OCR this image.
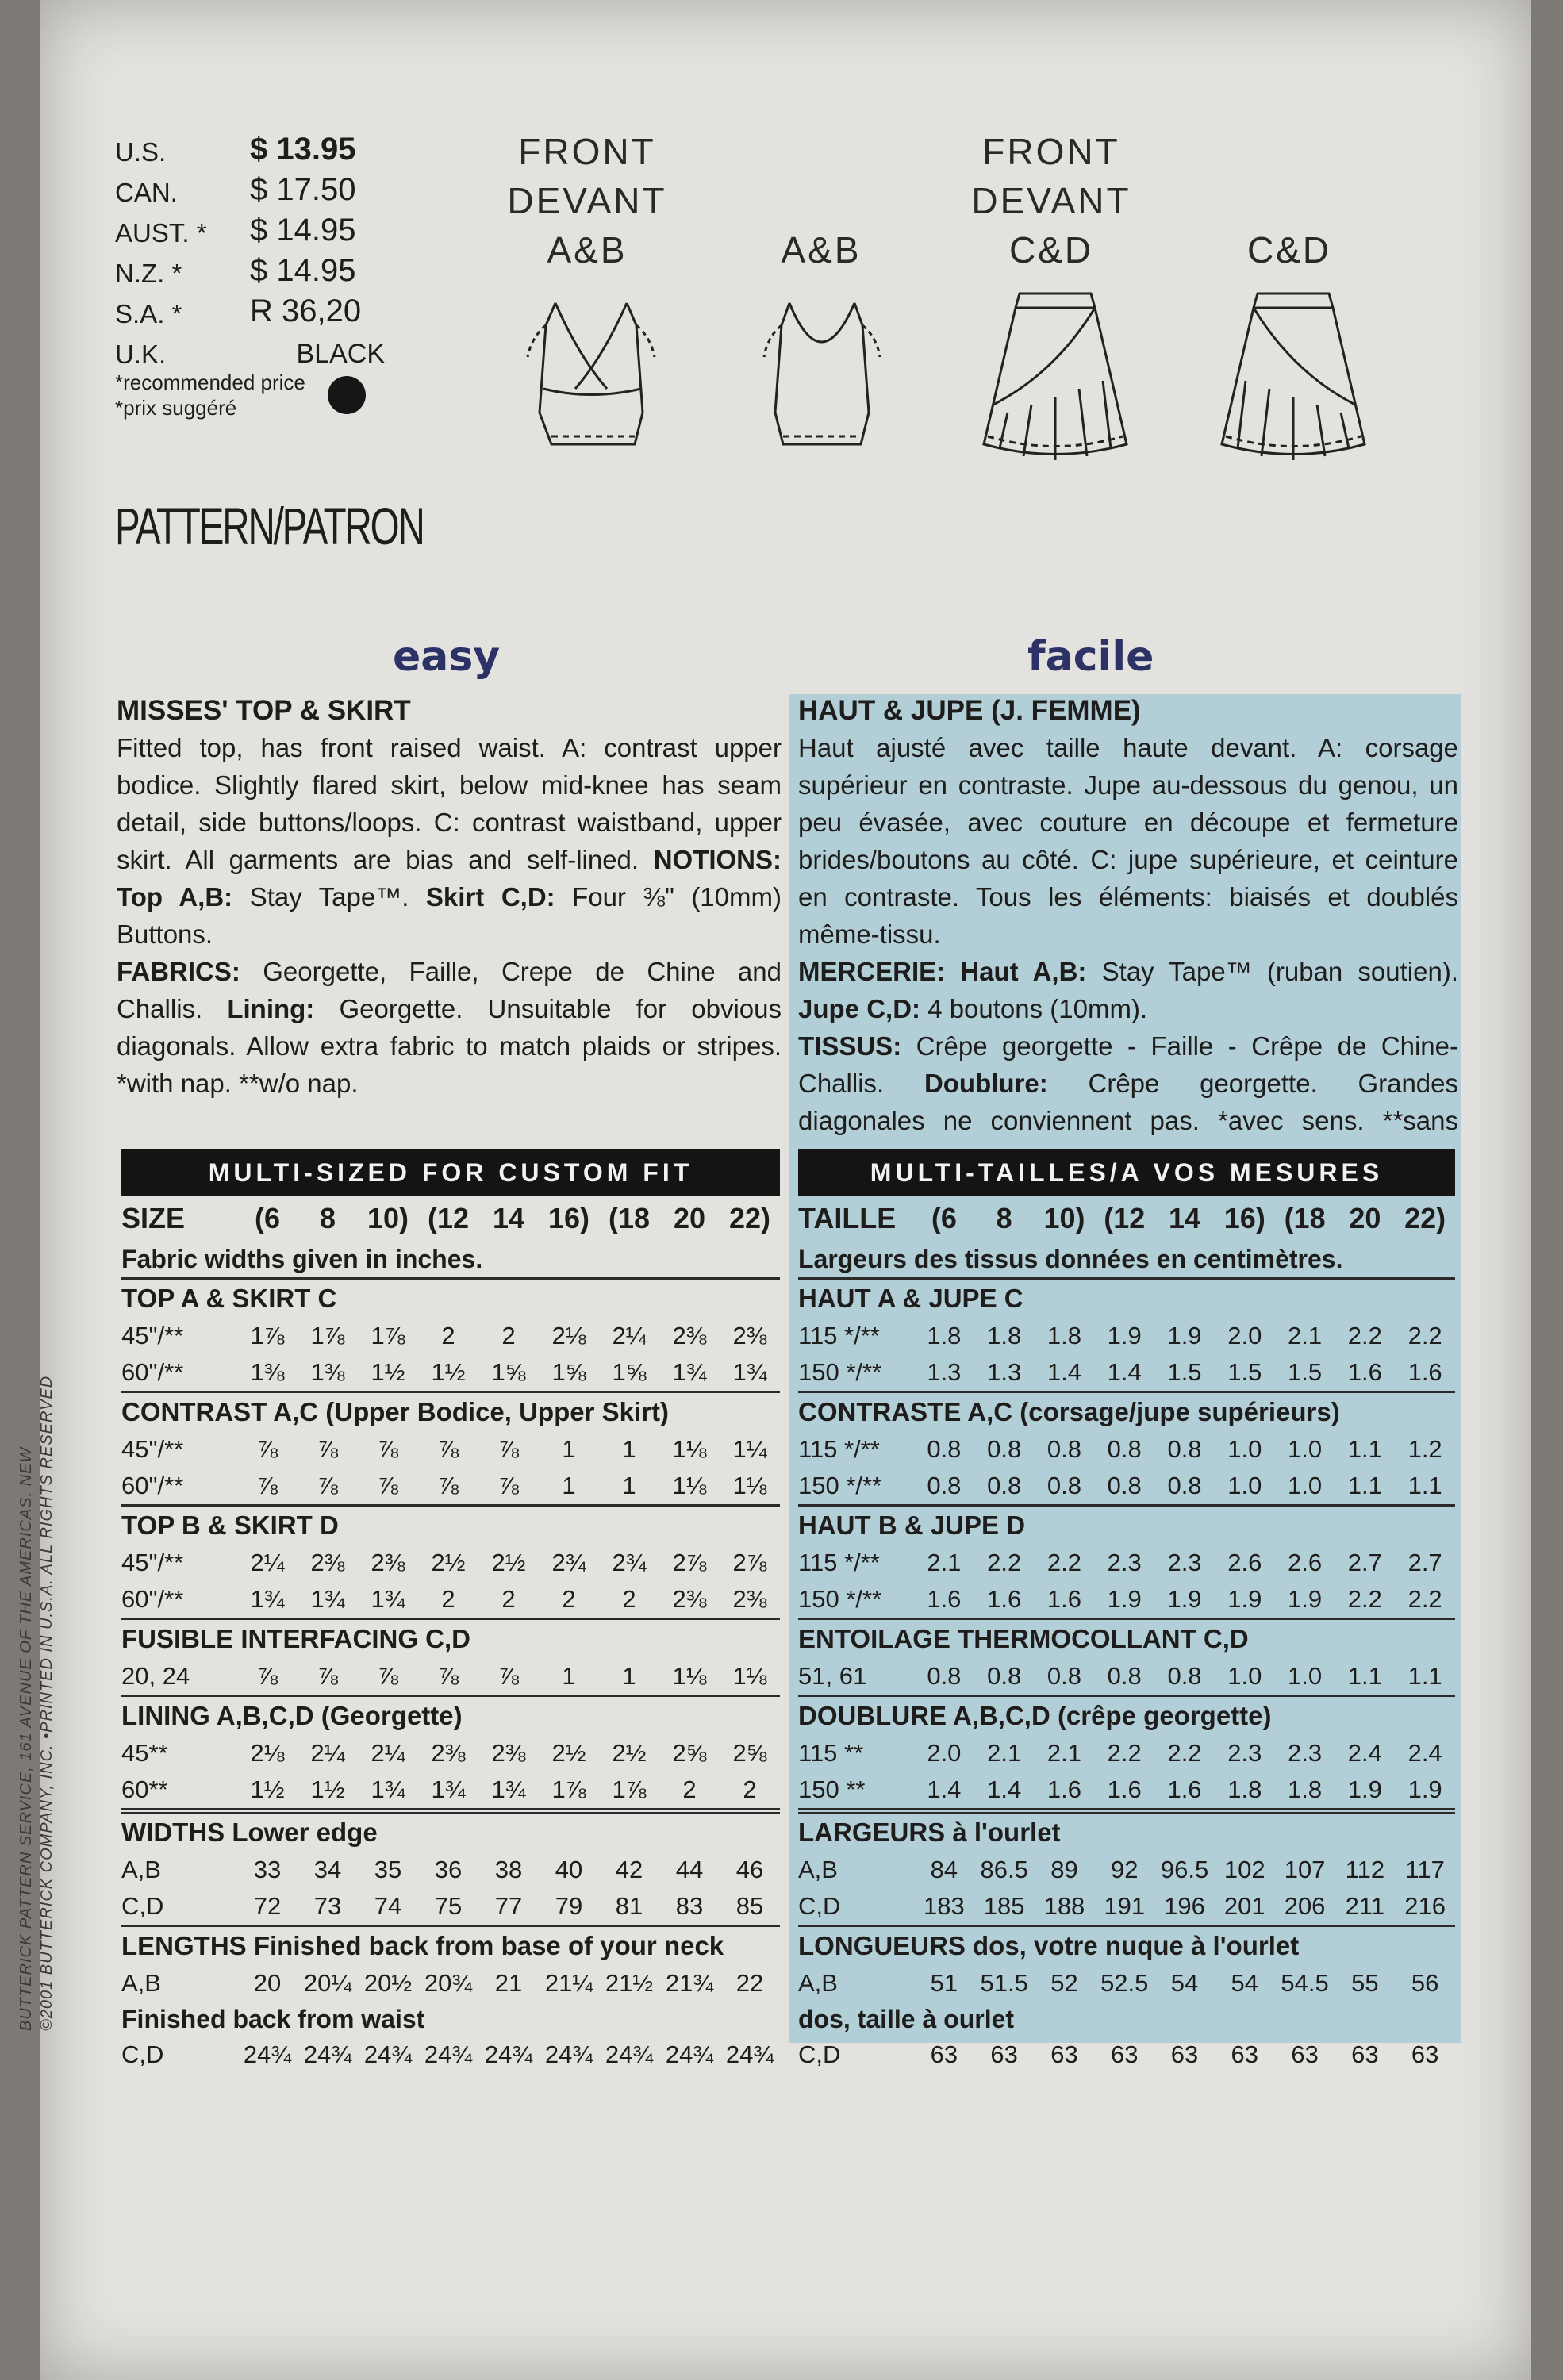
BUTTERICK PATTERN SERVICE, 161 AVENUE OF THE AMERICAS, NEW ©2001 BUTTERICK COMPANY, INC. •PRINTED IN U.S.A. ALL RIGHTS RESERVED
U.S.	$ 13.95
CAN.	$ 17.50
AUST. *	$ 14.95
N.Z. *	$ 14.95
S.A. *	R 36,20
U.K.	BLACK
*recommended price
*prix suggéré
PATTERN/PATRON
FRONT
DEVANT
A&B	A&B
FRONT
DEVANT
C&D	C&D
easy	facile
MISSES' TOP & SKIRT
Fitted top, has front raised waist. A: contrast upper bodice. Slightly flared skirt, below mid-knee has seam detail, side buttons/loops. C: contrast waistband, upper skirt. All garments are bias and self-lined. NOTIONS: Top A,B: Stay Tape™. Skirt C,D: Four ⅜" (10mm) Buttons.
FABRICS: Georgette, Faille, Crepe de Chine and Challis. Lining: Georgette. Unsuitable for obvious diagonals. Allow extra fabric to match plaids or stripes. *with nap. **w/o nap.
HAUT & JUPE (J. FEMME)
Haut ajusté avec taille haute devant. A: corsage supérieur en contraste. Jupe au-dessous du genou, un peu évasée, avec couture en découpe et fermeture brides/boutons au côté. C: jupe supérieure, et ceinture en contraste. Tous les éléments: biaisés et doublés même-tissu.
MERCERIE: Haut A,B: Stay Tape™ (ruban soutien). Jupe C,D: 4 boutons (10mm).
TISSUS: Crêpe georgette - Faille - Crêpe de Chine-Challis. Doublure: Crêpe georgette. Grandes diagonales ne conviennent pas. *avec sens. **sans
MULTI-SIZED FOR CUSTOM FIT
SIZE	(6	8	10) (12 14 16) (18 20 22)
Fabric widths given in inches.
TOP A & SKIRT C
45"/**	1⅞	1⅞	1⅞	2	2	2⅛	2¼	2⅜	2⅜
60"/**	1⅜	1⅜	1½	1½	1⅝	1⅝	1⅝	1¾	1¾
CONTRAST A,C (Upper Bodice, Upper Skirt)
45"/**	⅞	⅞	⅞	⅞	⅞	1	1	1⅛	1¼
60"/**	⅞	⅞	⅞	⅞	⅞	1	1	1⅛	1⅛
TOP B & SKIRT D
45"/**	2¼	2⅜	2⅜	2½	2½	2¾	2¾	2⅞	2⅞
60"/**	1¾	1¾	1¾	2	2	2	2	2⅜	2⅜
FUSIBLE INTERFACING C,D
20, 24	⅞	⅞	⅞	⅞	⅞	1	1	1⅛	1⅛
LINING A,B,C,D (Georgette)
45**	2⅛	2¼	2¼	2⅜	2⅜	2½	2½	2⅝	2⅝
60**	1½	1½	1¾	1¾	1¾	1⅞	1⅞	2	2
WIDTHS Lower edge
A,B	33	34	35	36	38	40	42	44	46
C,D	72	73	74	75	77	79	81	83	85
LENGTHS Finished back from base of your neck
A,B	20 20¼ 20½ 20¾ 21 21¼ 21½ 21¾ 22
Finished back from waist
C,D	24¾ 24¾ 24¾ 24¾ 24¾ 24¾ 24¾ 24¾ 24¾
MULTI-TAILLES/A VOS MESURES
TAILLE	(6	8	10) (12 14 16) (18 20 22)
Largeurs des tissus données en centimètres.
HAUT A & JUPE C
115 */**	1.8	1.8	1.8	1.9	1.9	2.0	2.1	2.2	2.2
150 */**	1.3	1.3	1.4	1.4	1.5	1.5	1.5	1.6	1.6
CONTRASTE A,C (corsage/jupe supérieurs)
115 */**	0.8	0.8	0.8	0.8	0.8	1.0	1.0	1.1	1.2
150 */**	0.8	0.8	0.8	0.8	0.8	1.0	1.0	1.1	1.1
HAUT B & JUPE D
115 */**	2.1	2.2	2.2	2.3	2.3	2.6	2.6	2.7	2.7
150 */**	1.6	1.6	1.6	1.9	1.9	1.9	1.9	2.2	2.2
ENTOILAGE THERMOCOLLANT C,D
51, 61	0.8	0.8	0.8	0.8	0.8	1.0	1.0	1.1	1.1
DOUBLURE A,B,C,D (crêpe georgette)
115 **	2.0	2.1	2.1	2.2	2.2	2.3	2.3	2.4	2.4
150 **	1.4	1.4	1.6	1.6	1.6	1.8	1.8	1.9	1.9
LARGEURS à l'ourlet
A,B	84 86.5 89	92 96.5 102 107 112 117
C,D	183 185 188 191 196 201 206 211 216
LONGUEURS dos, votre nuque à l'ourlet
A,B	51 51.5 52 52.5 54	54 54.5 55	56
dos, taille à ourlet
C,D	63	63	63	63	63	63	63	63	63
